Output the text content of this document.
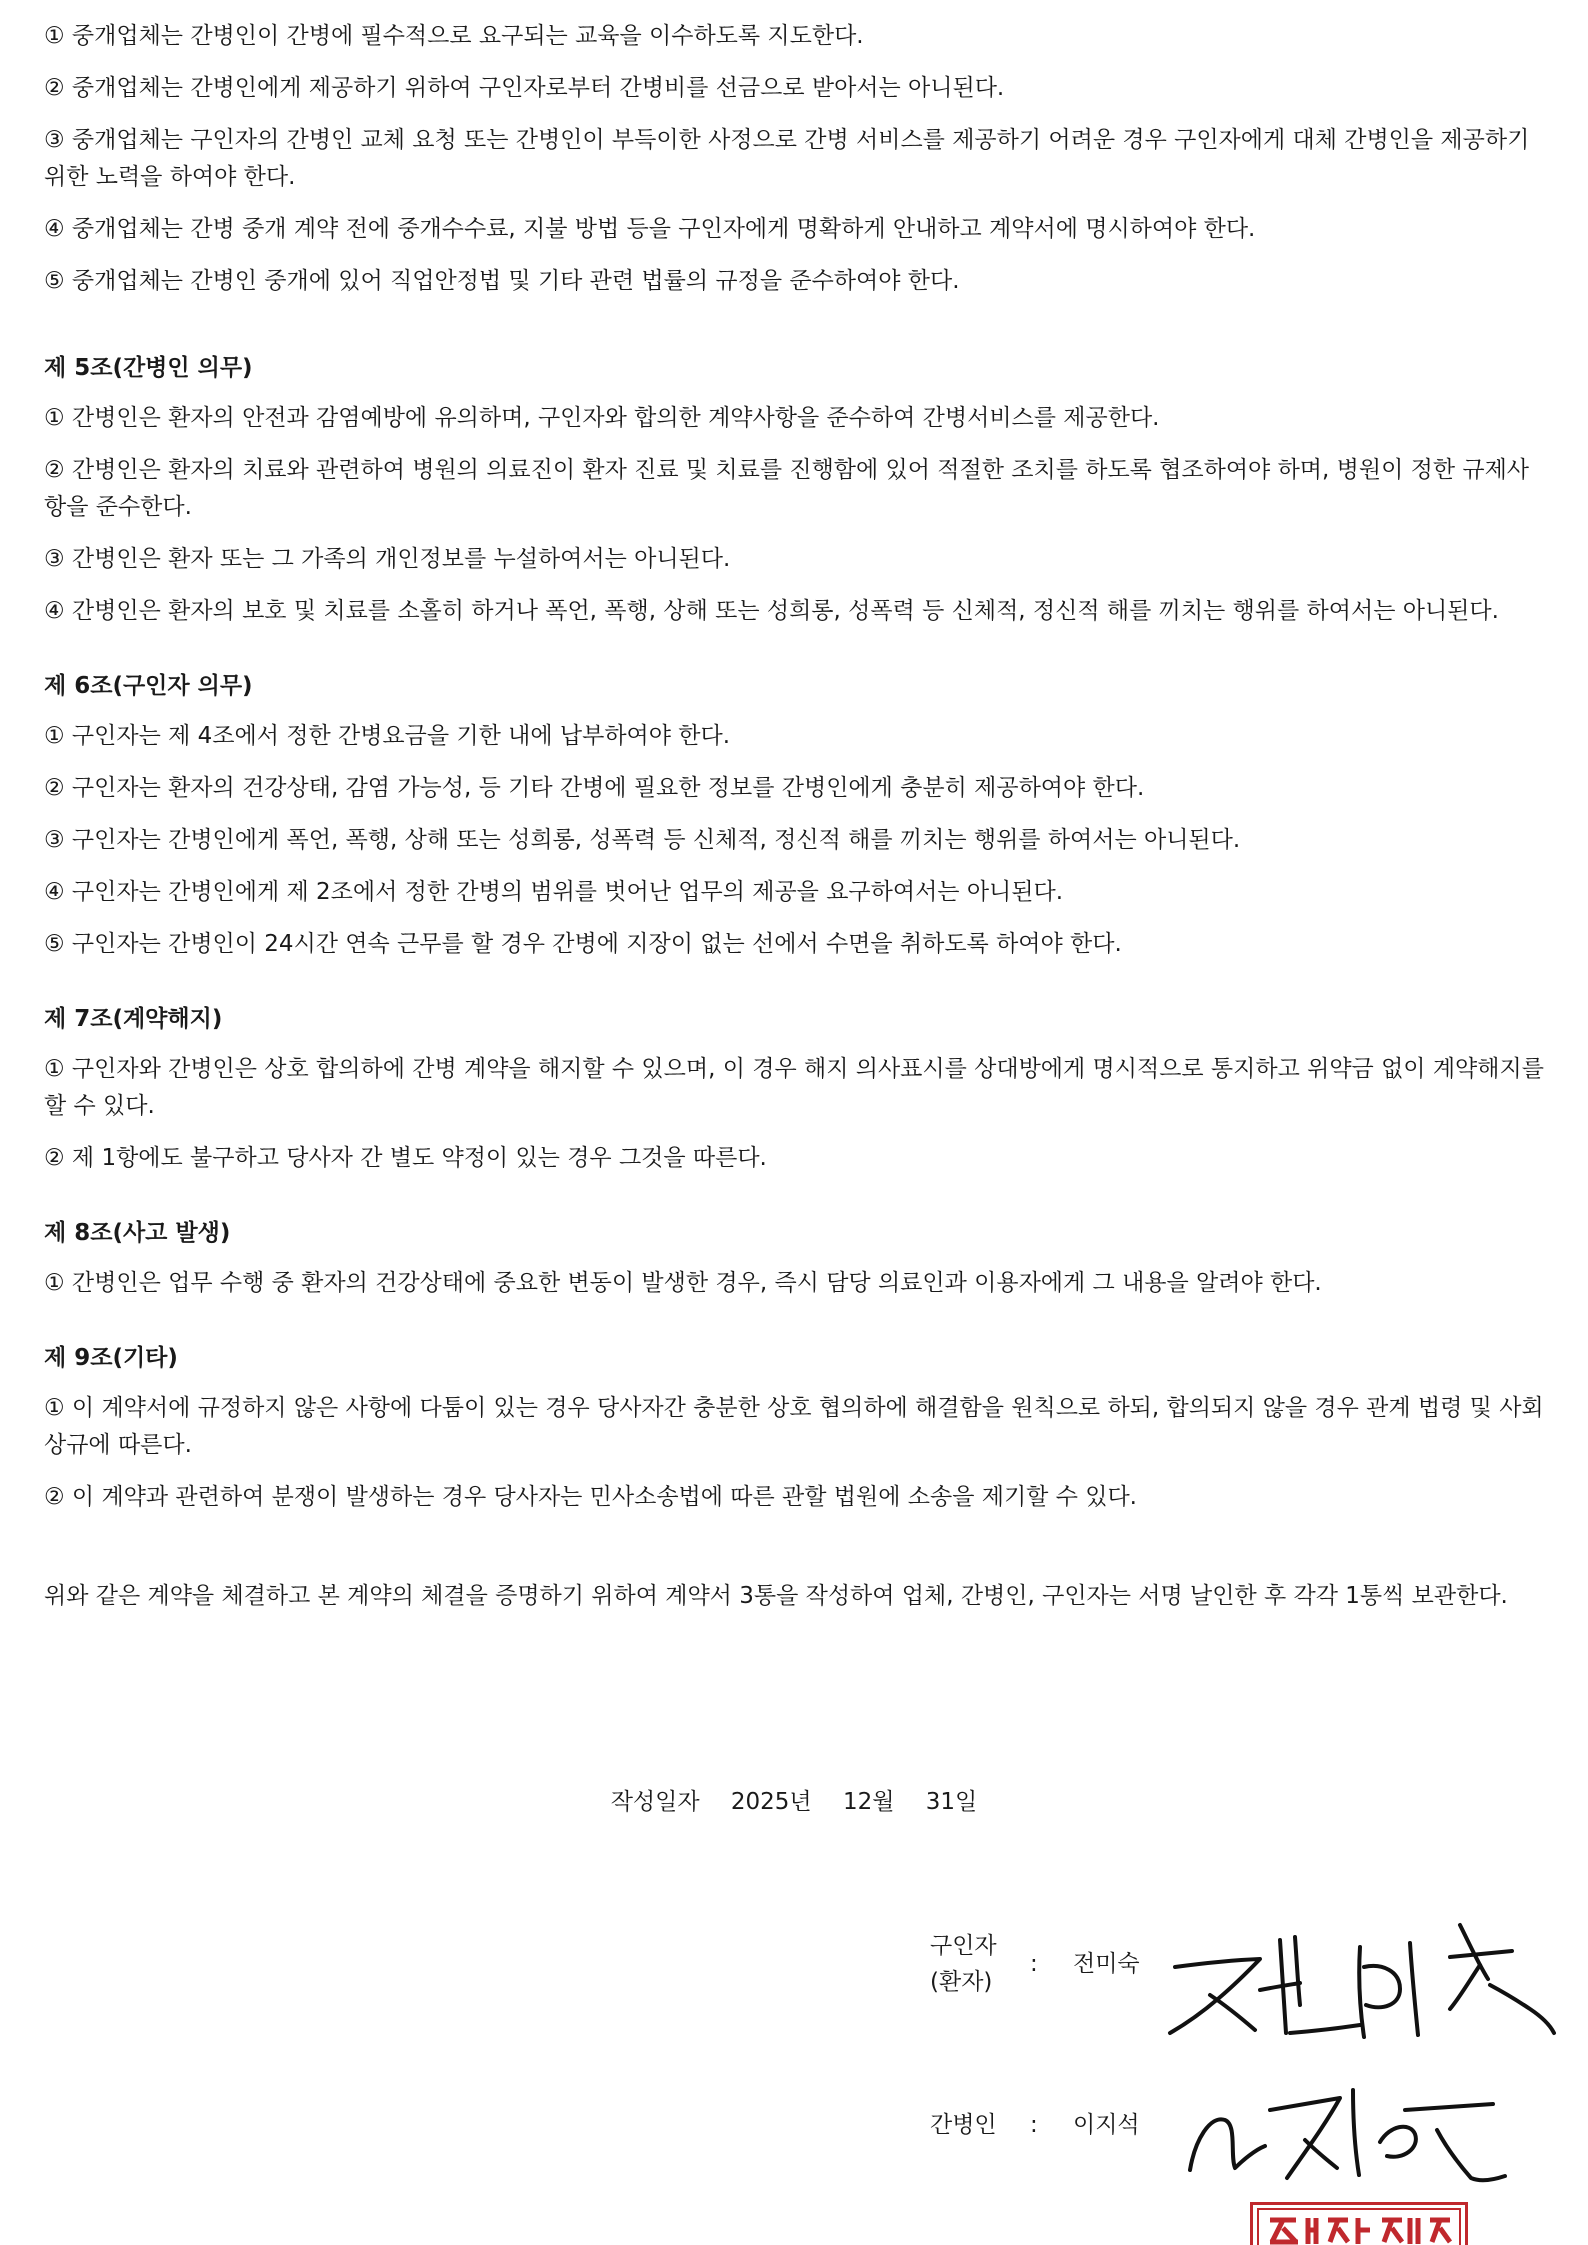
① 중개업체는 간병인이 간병에 필수적으로 요구되는 교육을 이수하도록 지도한다.

② 중개업체는 간병인에게 제공하기 위하여 구인자로부터 간병비를 선금으로 받아서는 아니된다.

③ 중개업체는 구인자의 간병인 교체 요청 또는 간병인이 부득이한 사정으로 간병 서비스를 제공하기 어려운 경우 구인자에게 대체 간병인을 제공하기 위한 노력을 하여야 한다.

④ 중개업체는 간병 중개 계약 전에 중개수수료, 지불 방법 등을 구인자에게 명확하게 안내하고 계약서에 명시하여야 한다.

⑤ 중개업체는 간병인 중개에 있어 직업안정법 및 기타 관련 법률의 규정을 준수하여야 한다.

제 5조(간병인 의무)

① 간병인은 환자의 안전과 감염예방에 유의하며, 구인자와 합의한 계약사항을 준수하여 간병서비스를 제공한다.

② 간병인은 환자의 치료와 관련하여 병원의 의료진이 환자 진료 및 치료를 진행함에 있어 적절한 조치를 하도록 협조하여야 하며, 병원이 정한 규제사항을 준수한다.

③ 간병인은 환자 또는 그 가족의 개인정보를 누설하여서는 아니된다.

④ 간병인은 환자의 보호 및 치료를 소홀히 하거나 폭언, 폭행, 상해 또는 성희롱, 성폭력 등 신체적, 정신적 해를 끼치는 행위를 하여서는 아니된다.

제 6조(구인자 의무)

① 구인자는 제 4조에서 정한 간병요금을 기한 내에 납부하여야 한다.

② 구인자는 환자의 건강상태, 감염 가능성, 등 기타 간병에 필요한 정보를 간병인에게 충분히 제공하여야 한다.

③ 구인자는 간병인에게 폭언, 폭행, 상해 또는 성희롱, 성폭력 등 신체적, 정신적 해를 끼치는 행위를 하여서는 아니된다.

④ 구인자는 간병인에게 제 2조에서 정한 간병의 범위를 벗어난 업무의 제공을 요구하여서는 아니된다.

⑤ 구인자는 간병인이 24시간 연속 근무를 할 경우 간병에 지장이 없는 선에서 수면을 취하도록 하여야 한다.

제 7조(계약해지)

① 구인자와 간병인은 상호 합의하에 간병 계약을 해지할 수 있으며, 이 경우 해지 의사표시를 상대방에게 명시적으로 통지하고 위약금 없이 계약해지를 할 수 있다.

② 제 1항에도 불구하고 당사자 간 별도 약정이 있는 경우 그것을 따른다.

제 8조(사고 발생)

① 간병인은 업무 수행 중 환자의 건강상태에 중요한 변동이 발생한 경우, 즉시 담당 의료인과 이용자에게 그 내용을 알려야 한다.

제 9조(기타)

① 이 계약서에 규정하지 않은 사항에 다툼이 있는 경우 당사자간 충분한 상호 협의하에 해결함을 원칙으로 하되, 합의되지 않을 경우 관계 법령 및 사회상규에 따른다.

② 이 계약과 관련하여 분쟁이 발생하는 경우 당사자는 민사소송법에 따른 관할 법원에 소송을 제기할 수 있다.

위와 같은 계약을 체결하고 본 계약의 체결을 증명하기 위하여 계약서 3통을 작성하여 업체, 간병인, 구인자는 서명 날인한 후 각각 1통씩 보관한다.

작성일자 2025년 12월 31일
구인자
(환자)
: 전미숙
간병인 : 이지석
